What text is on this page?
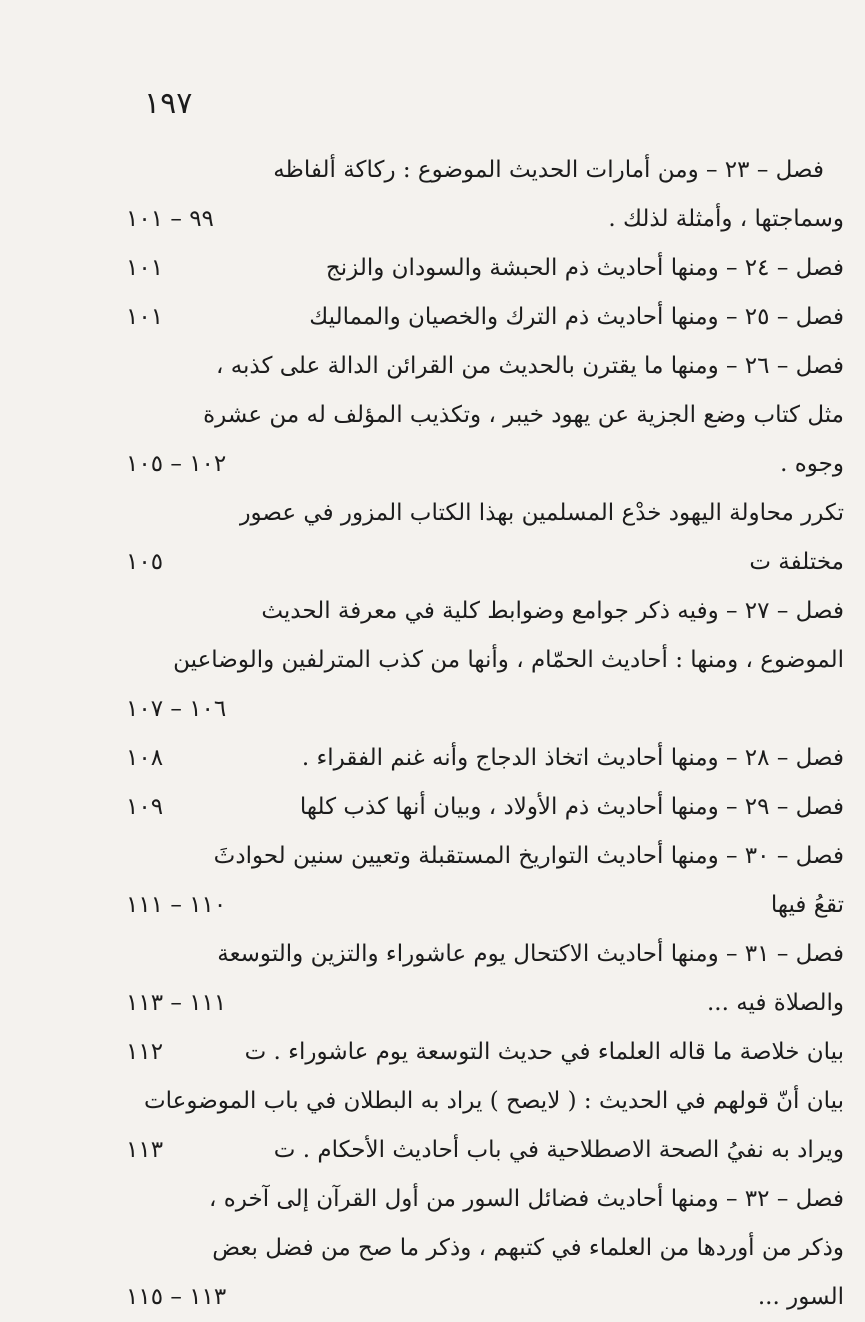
١٩٧
فصل – ٢٣ – ومن أمارات الحديث الموضوع : ركاكة ألفاظه
وسماجتها ، وأمثلة لذلك .
٩٩ – ١٠١
فصل – ٢٤ – ومنها أحاديث ذم الحبشة والسودان والزنج
١٠١
فصل – ٢٥ – ومنها أحاديث ذم الترك والخصيان والمماليك
١٠١
فصل – ٢٦ – ومنها ما يقترن بالحديث من القرائن الدالة على كذبه ،
مثل كتاب وضع الجزية عن يهود خيبر ، وتكذيب المؤلف له من عشرة
وجوه .
١٠٢ – ١٠٥
تكرر محاولة اليهود خدْع المسلمين بهذا الكتاب المزور في عصور
مختلفة ت
١٠٥
فصل – ٢٧ – وفيه ذكر جوامع وضوابط كلية في معرفة الحديث
الموضوع ، ومنها : أحاديث الحمّام ، وأنها من كذب المترلفين والوضاعين
١٠٦ – ١٠٧
فصل – ٢٨ – ومنها أحاديث اتخاذ الدجاج وأنه غنم الفقراء .
١٠٨
فصل – ٢٩ – ومنها أحاديث ذم الأولاد ، وبيان أنها كذب كلها
١٠٩
فصل – ٣٠ – ومنها أحاديث التواريخ المستقبلة وتعيين سنين لحوادثَ
تقعُ فيها
١١٠ – ١١١
فصل – ٣١ – ومنها أحاديث الاكتحال يوم عاشوراء والتزين والتوسعة
والصلاة فيه ...
١١١ – ١١٣
بيان خلاصة ما قاله العلماء في حديث التوسعة يوم عاشوراء . ت
١١٢
بيان أنّ قولهم في الحديث : ( لايصح ) يراد به البطلان في باب الموضوعات
ويراد به نفيُ الصحة الاصطلاحية في باب أحاديث الأحكام . ت
١١٣
فصل – ٣٢ – ومنها أحاديث فضائل السور من أول القرآن إلى آخره ،
وذكر من أوردها من العلماء في كتبهم ، وذكر ما صح من فضل بعض
السور ...
١١٣ – ١١٥
